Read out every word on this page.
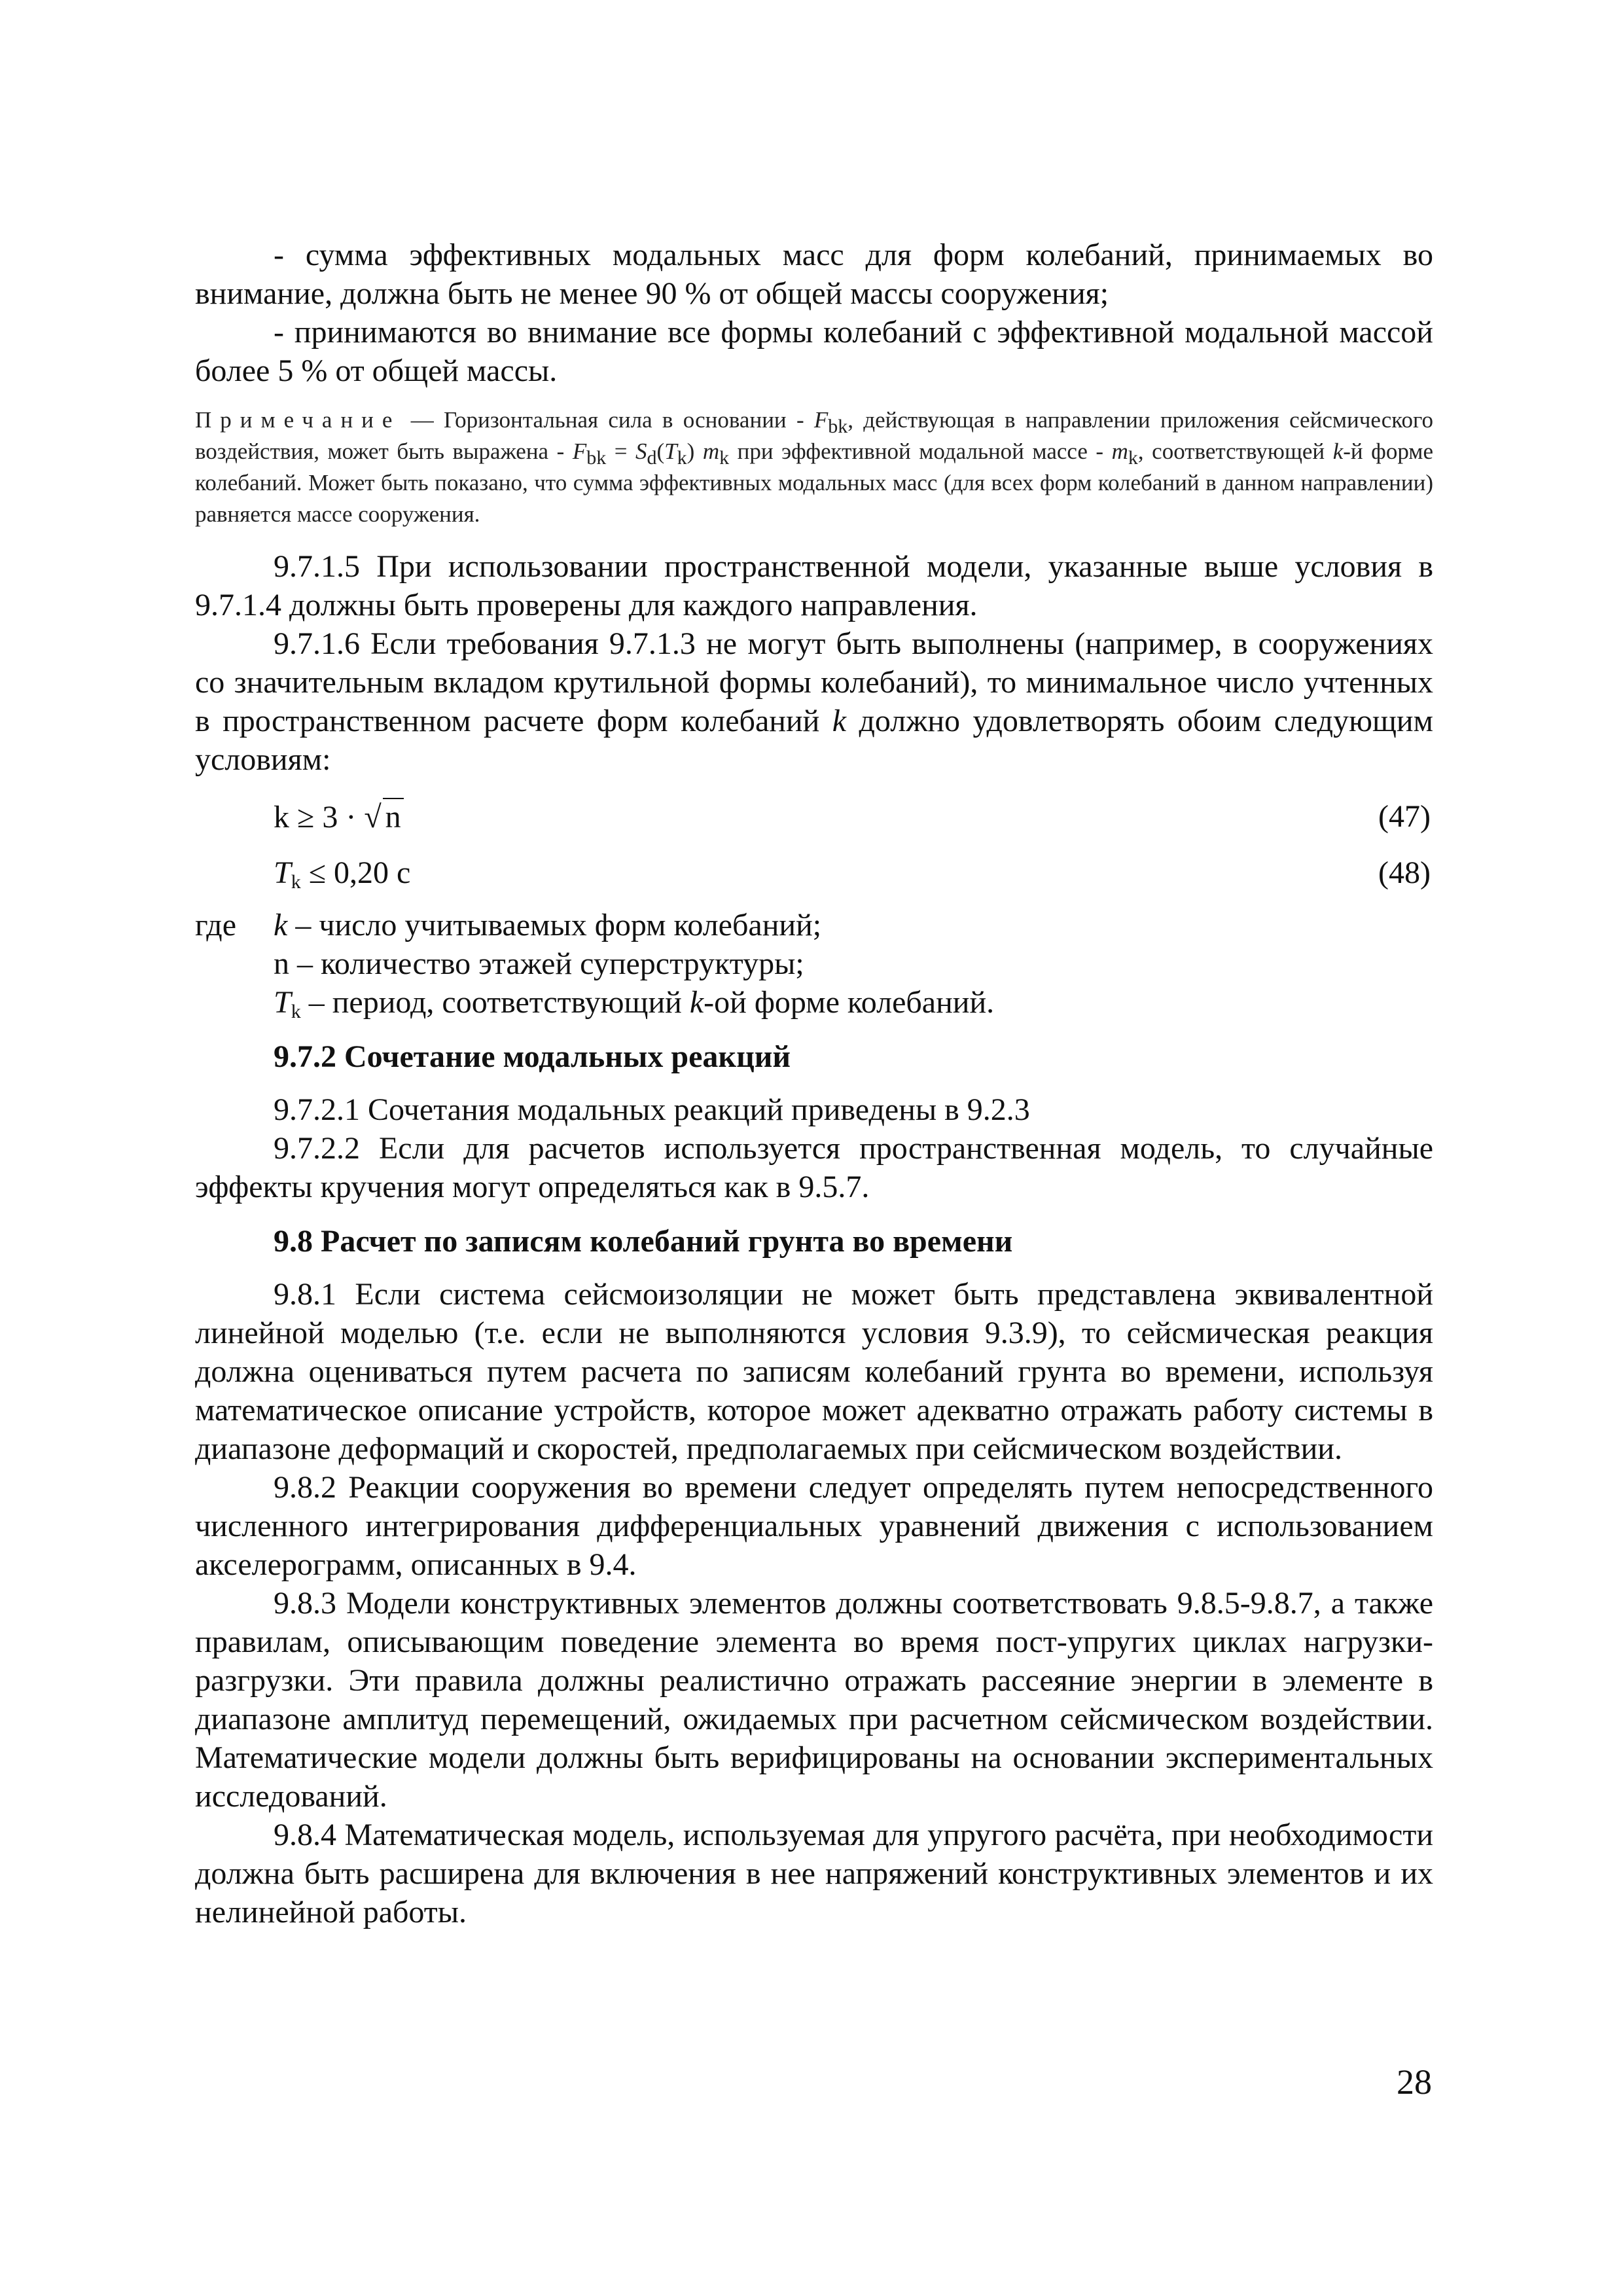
- сумма эффективных модальных масс для форм колебаний, принимаемых во внимание, должна быть не менее 90 % от общей массы сооружения;

- принимаются во внимание все формы колебаний с эффективной модальной массой более 5 % от общей массы.

Примечание — Горизонтальная сила в основании - $F_{bk}$, действующая в направлении приложения сейсмического воздействия, может быть выражена - $F_{bk} = S_d(T_k)$ $m_k$ при эффективной модальной массе - $m_k$, соответствующей k-й форме колебаний. Может быть показано, что сумма эффективных модальных масс (для всех форм колебаний в данном направлении) равняется массе сооружения.

9.7.1.5 При использовании пространственной модели, указанные выше условия в 9.7.1.4 должны быть проверены для каждого направления.

9.7.1.6 Если требования 9.7.1.3 не могут быть выполнены (например, в сооружениях со значительным вкладом крутильной формы колебаний), то минимальное число учтенных в пространственном расчете форм колебаний k должно удовлетворять обоим следующим условиям:

k ≥ 3 · √ n	(47)
$T_k \le 0,20$ с	(48)
где	k – число учитываемых форм колебаний;
n – количество этажей суперструктуры;
$T_k$ – период, соответствующий k-ой форме колебаний.

9.7.2 Сочетание модальных реакций

9.7.2.1 Сочетания модальных реакций приведены в 9.2.3

9.7.2.2 Если для расчетов используется пространственная модель, то случайные эффекты кручения могут определяться как в 9.5.7.

9.8 Расчет по записям колебаний грунта во времени

9.8.1 Если система сейсмоизоляции не может быть представлена эквивалентной линейной моделью (т.е. если не выполняются условия 9.3.9), то сейсмическая реакция должна оцениваться путем расчета по записям колебаний грунта во времени, используя математическое описание устройств, которое может адекватно отражать работу системы в диапазоне деформаций и скоростей, предполагаемых при сейсмическом воздействии.

9.8.2 Реакции сооружения во времени следует определять путем непосредственного численного интегрирования дифференциальных уравнений движения с использованием акселерограмм, описанных в 9.4.

9.8.3 Модели конструктивных элементов должны соответствовать 9.8.5-9.8.7, а также правилам, описывающим поведение элемента во время пост-упругих циклах нагрузки-разгрузки. Эти правила должны реалистично отражать рассеяние энергии в элементе в диапазоне амплитуд перемещений, ожидаемых при расчетном сейсмическом воздействии. Математические модели должны быть верифицированы на основании экспериментальных исследований.

9.8.4 Математическая модель, используемая для упругого расчёта, при необходимости должна быть расширена для включения в нее напряжений конструктивных элементов и их нелинейной работы.

28
